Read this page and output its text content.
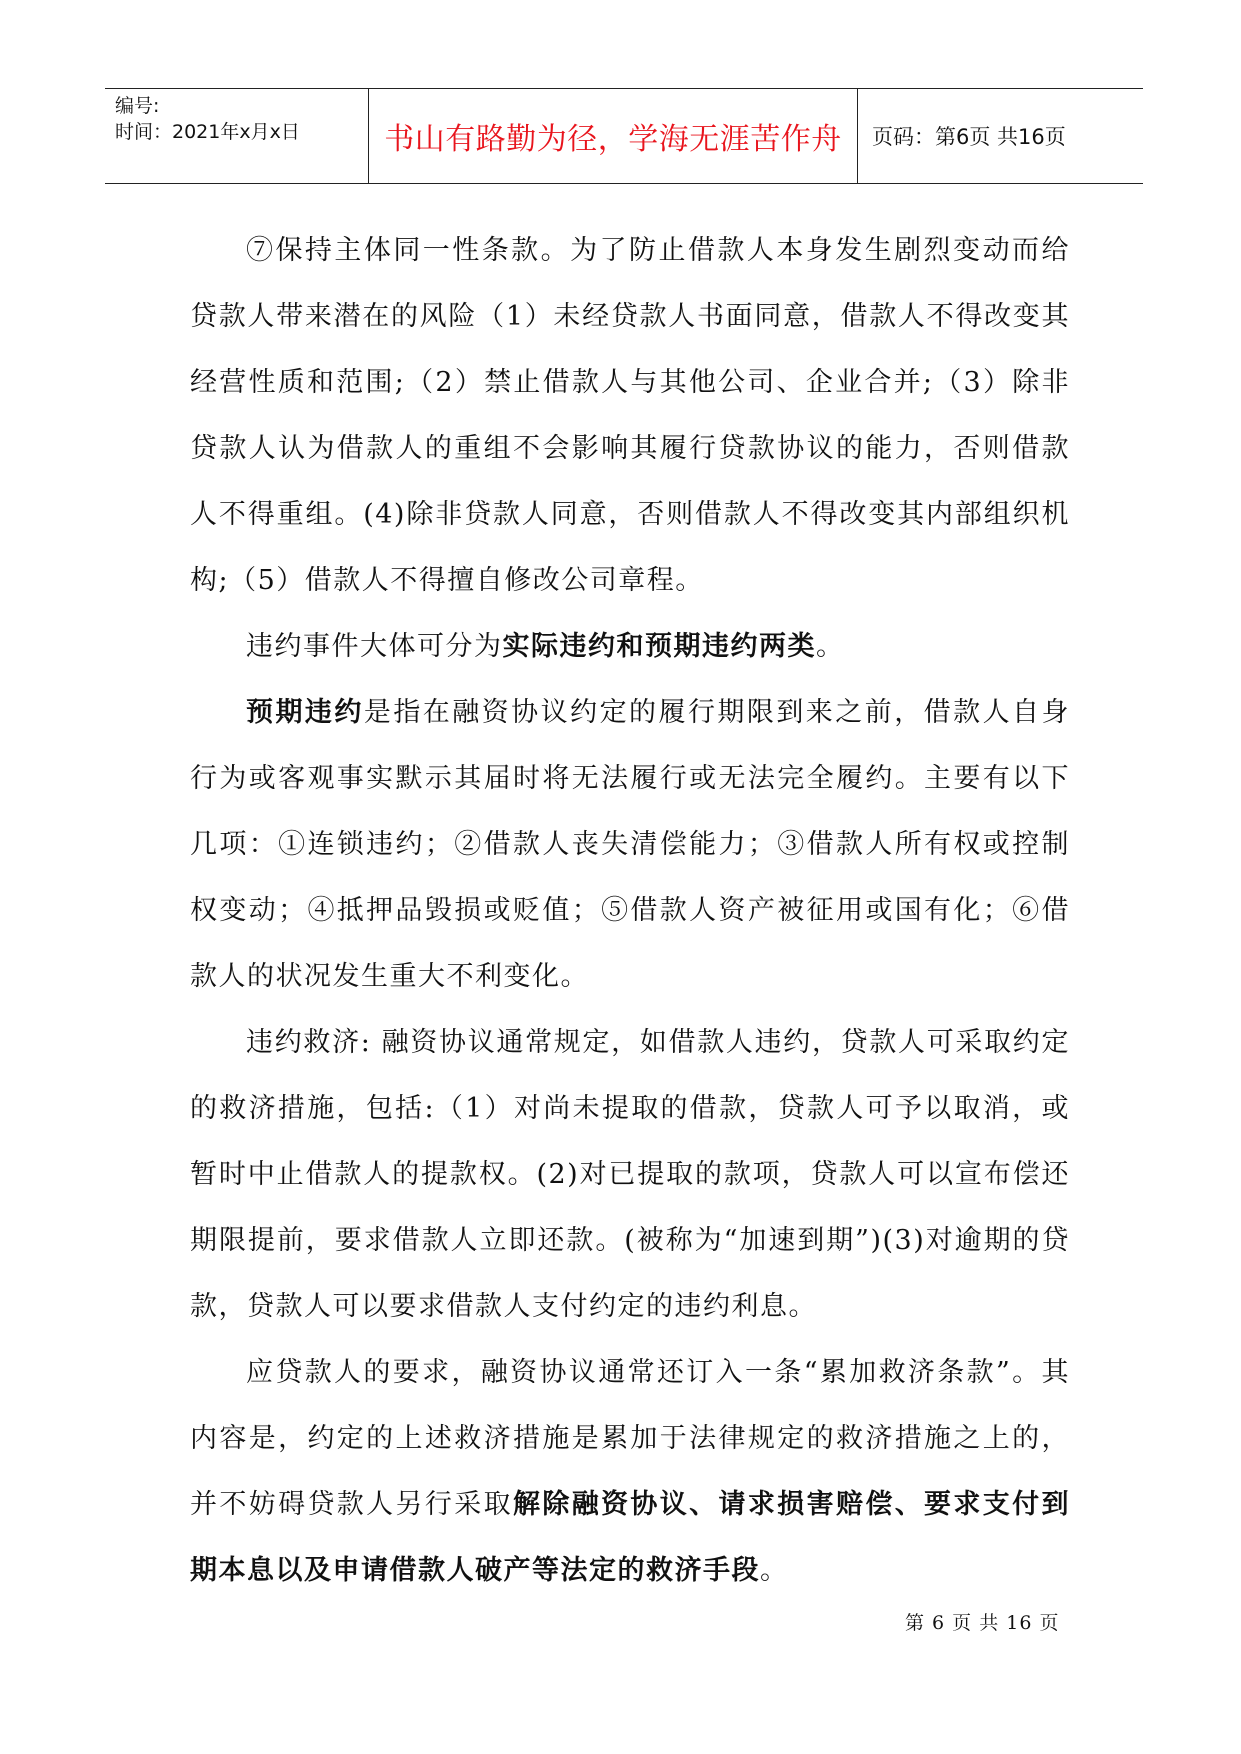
编号:
时间：2021年x月x日	书山有路勤为径，学海无涯苦作舟	页码：第6页 共16页

⑦保持主体同一性条款。为了防止借款人本身发生剧烈变动而给贷款人带来潜在的风险（1）未经贷款人书面同意，借款人不得改变其经营性质和范围;（2）禁止借款人与其他公司、企业合并;（3）除非贷款人认为借款人的重组不会影响其履行贷款协议的能力，否则借款人不得重组。(4)除非贷款人同意，否则借款人不得改变其内部组织机构;（5）借款人不得擅自修改公司章程。

违约事件大体可分为实际违约和预期违约两类。

预期违约是指在融资协议约定的履行期限到来之前，借款人自身行为或客观事实默示其届时将无法履行或无法完全履约。主要有以下几项：①连锁违约；②借款人丧失清偿能力；③借款人所有权或控制权变动；④抵押品毁损或贬值；⑤借款人资产被征用或国有化；⑥借款人的状况发生重大不利变化。

违约救济: 融资协议通常规定，如借款人违约，贷款人可采取约定的救济措施，包括:（1）对尚未提取的借款，贷款人可予以取消，或暂时中止借款人的提款权。(2)对已提取的款项，贷款人可以宣布偿还期限提前，要求借款人立即还款。(被称为“加速到期”)(3)对逾期的贷款，贷款人可以要求借款人支付约定的违约利息。

应贷款人的要求，融资协议通常还订入一条“累加救济条款”。其内容是，约定的上述救济措施是累加于法律规定的救济措施之上的，并不妨碍贷款人另行采取解除融资协议、请求损害赔偿、要求支付到期本息以及申请借款人破产等法定的救济手段。

第 6 页 共 16 页
